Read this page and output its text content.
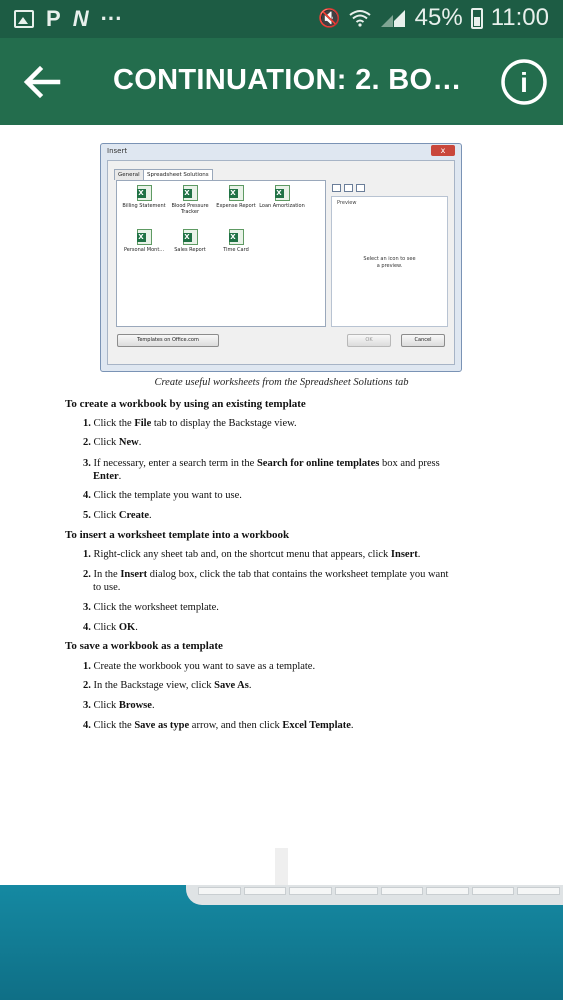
P N ···	🔇	45% 11:00
CONTINUATION: 2. BO… i
Insert	x
General	Spreadsheet Solutions
X
Billing Statement
X	Blood Pressure Tracker
X
Expense Report
X Loan Amortization
X
Personal Mont...
X	Sales Report
X	Time Card
Preview
Select an icon to see a preview.
Templates on Office.com	OK	Cancel
Create useful worksheets from the Spreadsheet Solutions tab
To create a workbook by using an existing template
1. Click the File tab to display the Backstage view.
2. Click New.
3. If necessary, enter a search term in the Search for online templates box and press
Enter.
4. Click the template you want to use.
5. Click Create.
To insert a worksheet template into a workbook
1. Right-click any sheet tab and, on the shortcut menu that appears, click Insert.
2. In the Insert dialog box, click the tab that contains the worksheet template you want
to use.
3. Click the worksheet template.
4. Click OK.
To save a workbook as a template
1. Create the workbook you want to save as a template.
2. In the Backstage view, click Save As.
3. Click Browse.
4. Click the Save as type arrow, and then click Excel Template.
